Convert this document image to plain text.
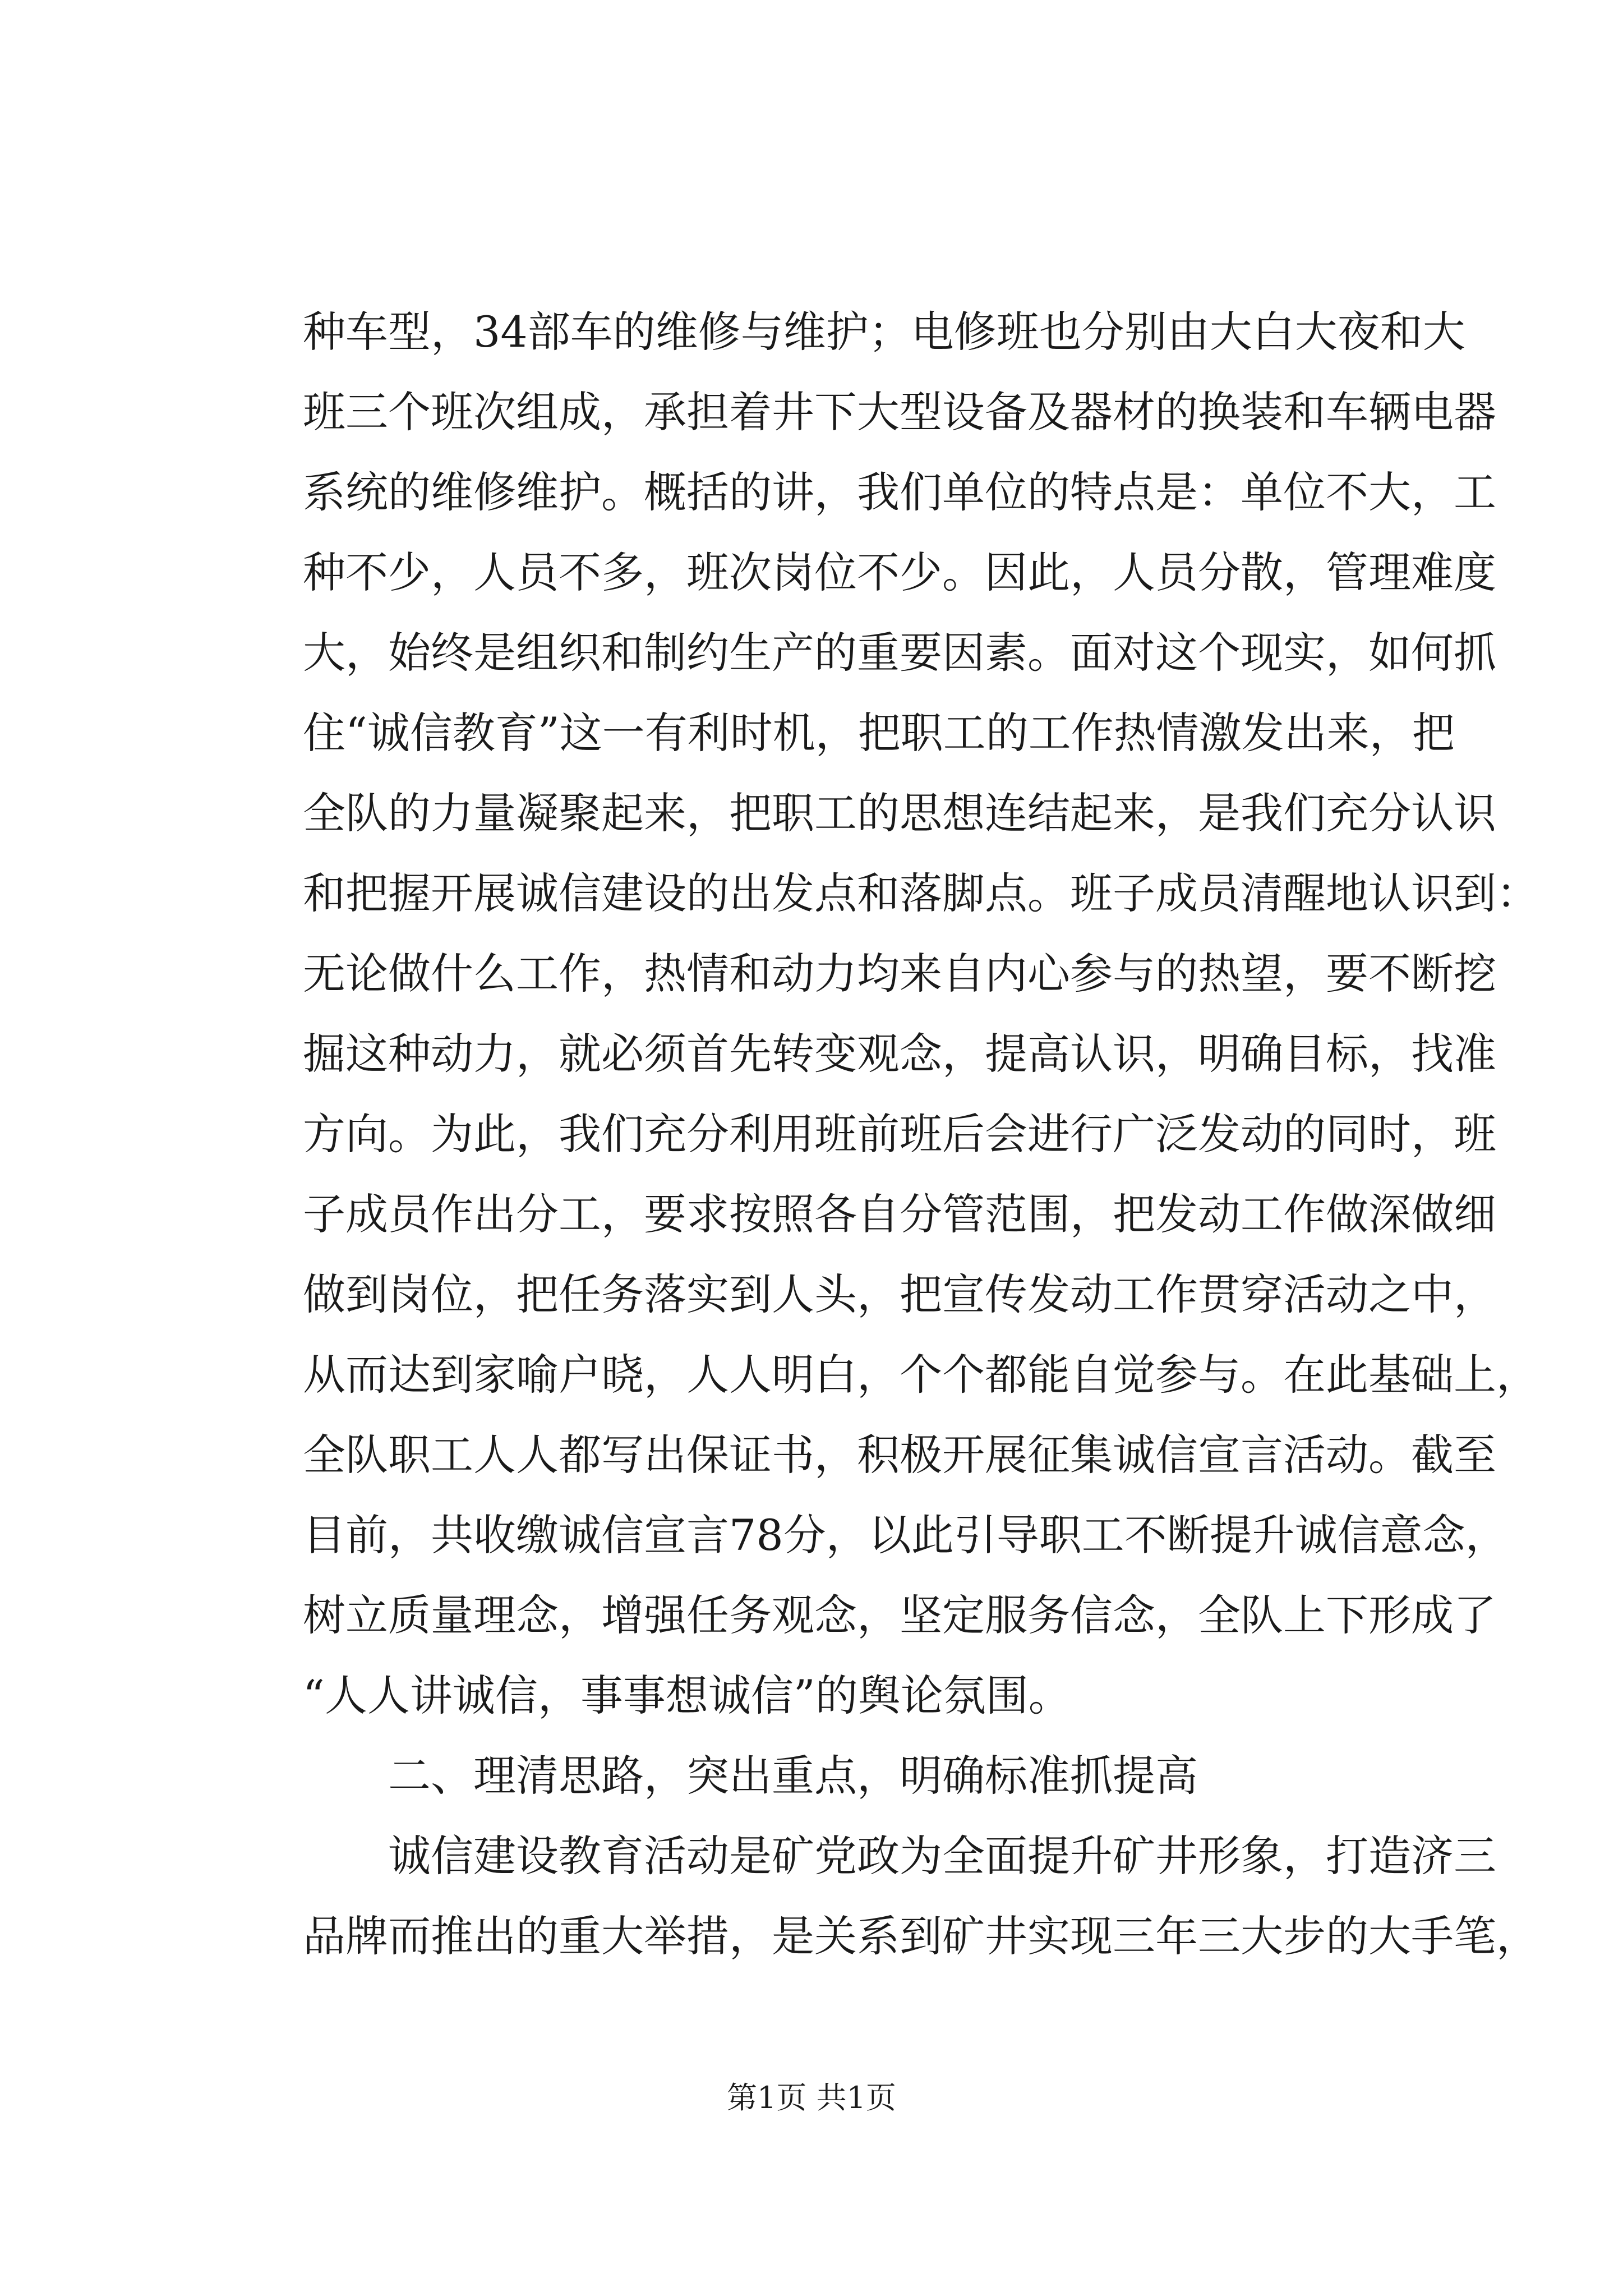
种车型，34部车的维修与维护；电修班也分别由大白大夜和大
班三个班次组成，承担着井下大型设备及器材的换装和车辆电器
系统的维修维护。概括的讲，我们单位的特点是：单位不大，工
种不少，人员不多，班次岗位不少。因此，人员分散，管理难度
大，始终是组织和制约生产的重要因素。面对这个现实，如何抓
住“诚信教育”这一有利时机，把职工的工作热情激发出来，把
全队的力量凝聚起来，把职工的思想连结起来，是我们充分认识
和把握开展诚信建设的出发点和落脚点。班子成员清醒地认识到：
无论做什么工作，热情和动力均来自内心参与的热望，要不断挖
掘这种动力，就必须首先转变观念，提高认识，明确目标，找准
方向。为此，我们充分利用班前班后会进行广泛发动的同时，班
子成员作出分工，要求按照各自分管范围，把发动工作做深做细
做到岗位，把任务落实到人头，把宣传发动工作贯穿活动之中，
从而达到家喻户晓，人人明白，个个都能自觉参与。在此基础上，
全队职工人人都写出保证书，积极开展征集诚信宣言活动。截至
目前，共收缴诚信宣言78分，以此引导职工不断提升诚信意念，
树立质量理念，增强任务观念，坚定服务信念，全队上下形成了
“人人讲诚信，事事想诚信”的舆论氛围。
二、理清思路，突出重点，明确标准抓提高
诚信建设教育活动是矿党政为全面提升矿井形象，打造济三
品牌而推出的重大举措，是关系到矿井实现三年三大步的大手笔，
第1页 共1页
